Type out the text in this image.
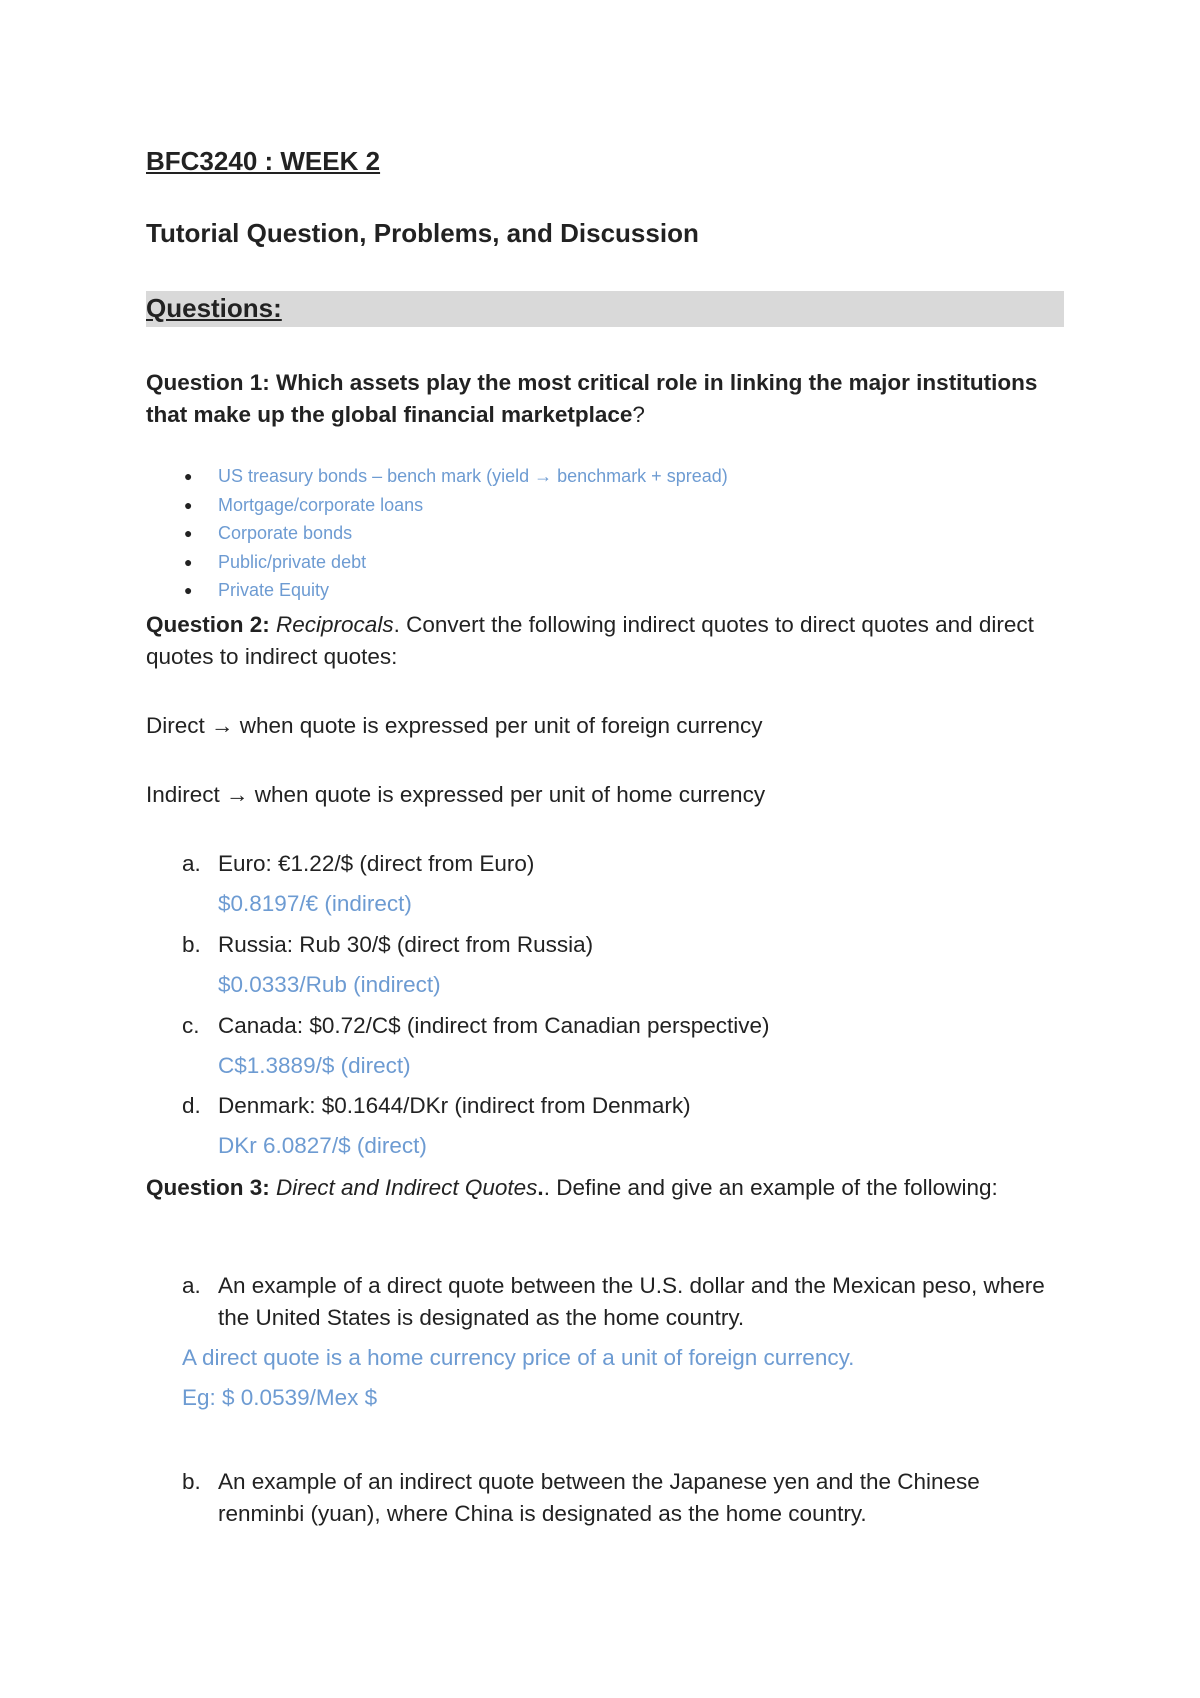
BFC3240 : WEEK 2
Tutorial Question, Problems, and Discussion
Questions:

Question 1: Which assets play the most critical role in linking the major institutions that make up the global financial marketplace?

● US treasury bonds – bench mark (yield → benchmark + spread)
● Mortgage/corporate loans
● Corporate bonds
● Public/private debt
● Private Equity

Question 2: Reciprocals. Convert the following indirect quotes to direct quotes and direct quotes to indirect quotes:

Direct → when quote is expressed per unit of foreign currency

Indirect → when quote is expressed per unit of home currency

a. Euro: €1.22/$ (direct from Euro)

$0.8197/€ (indirect)

b. Russia: Rub 30/$ (direct from Russia)

$0.0333/Rub (indirect)

c. Canada: $0.72/C$ (indirect from Canadian perspective)

C$1.3889/$ (direct)

d. Denmark: $0.1644/DKr (indirect from Denmark)

DKr 6.0827/$ (direct)

Question 3: Direct and Indirect Quotes.. Define and give an example of the following:

a. An example of a direct quote between the U.S. dollar and the Mexican peso, where the United States is designated as the home country.

A direct quote is a home currency price of a unit of foreign currency.

Eg: $ 0.0539/Mex $

b. An example of an indirect quote between the Japanese yen and the Chinese renminbi (yuan), where China is designated as the home country.
